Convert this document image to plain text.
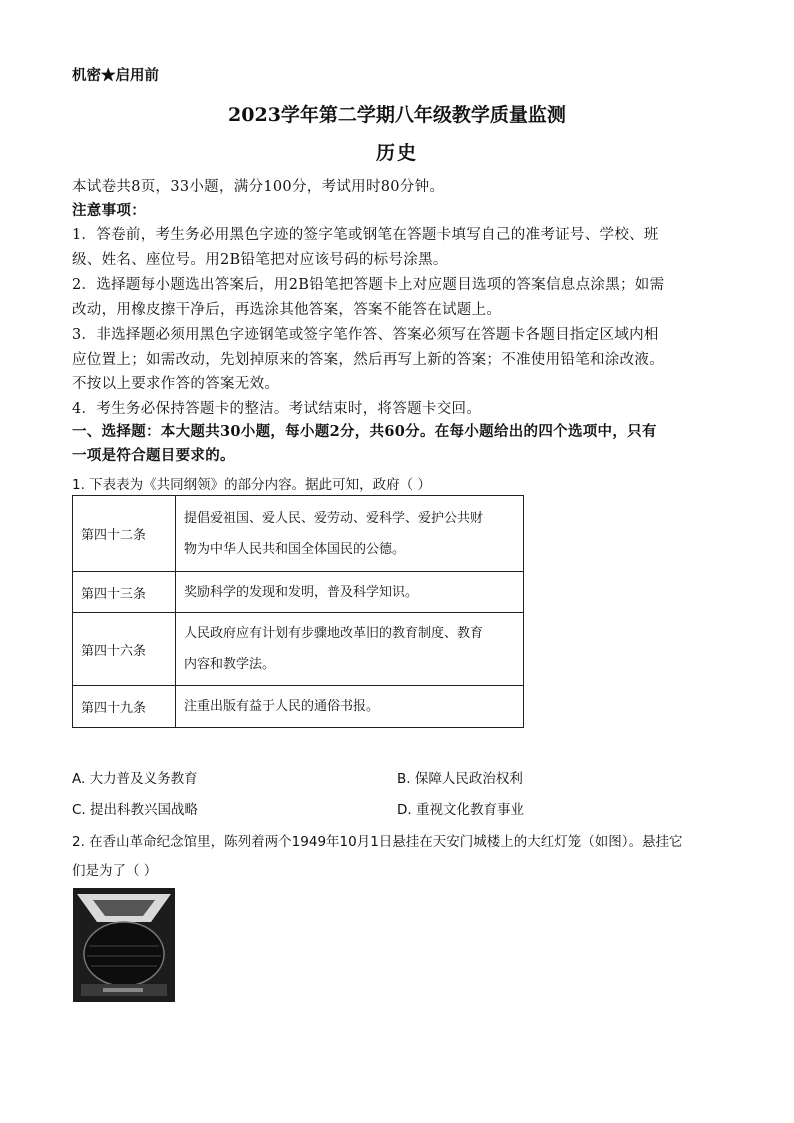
机密★启用前
2023学年第二学期八年级教学质量监测
历史
本试卷共8页，33小题，满分100分，考试用时80分钟。
注意事项：
1．答卷前，考生务必用黑色字迹的签字笔或钢笔在答题卡填写自己的准考证号、学校、班
级、姓名、座位号。用2B铅笔把对应该号码的标号涂黑。
2．选择题每小题选出答案后，用2B铅笔把答题卡上对应题目选项的答案信息点涂黑；如需
改动，用橡皮擦干净后，再选涂其他答案，答案不能答在试题上。
3．非选择题必须用黑色字迹钢笔或签字笔作答、答案必须写在答题卡各题目指定区域内相
应位置上；如需改动，先划掉原来的答案，然后再写上新的答案；不准使用铅笔和涂改液。
不按以上要求作答的答案无效。
4．考生务必保持答题卡的整洁。考试结束时，将答题卡交回。
一、选择题：本大题共30小题，每小题2分，共60分。在每小题给出的四个选项中，只有
一项是符合题目要求的。
1. 下表表为《共同纲领》的部分内容。据此可知，政府（ ）
第四十二条	提倡爱祖国、爱人民、爱劳动、爱科学、爱护公共财
物为中华人民共和国全体国民的公德。

第四十三条	奖励科学的发现和发明，普及科学知识。

第四十六条	人民政府应有计划有步骤地改革旧的教育制度、教育
内容和教学法。

第四十九条	注重出版有益于人民的通俗书报。
A. 大力普及义务教育	B. 保障人民政治权利
C. 提出科教兴国战略	D. 重视文化教育事业
2. 在香山革命纪念馆里，陈列着两个1949年10月1日悬挂在天安门城楼上的大红灯笼（如图）。悬挂它
们是为了（ ）
